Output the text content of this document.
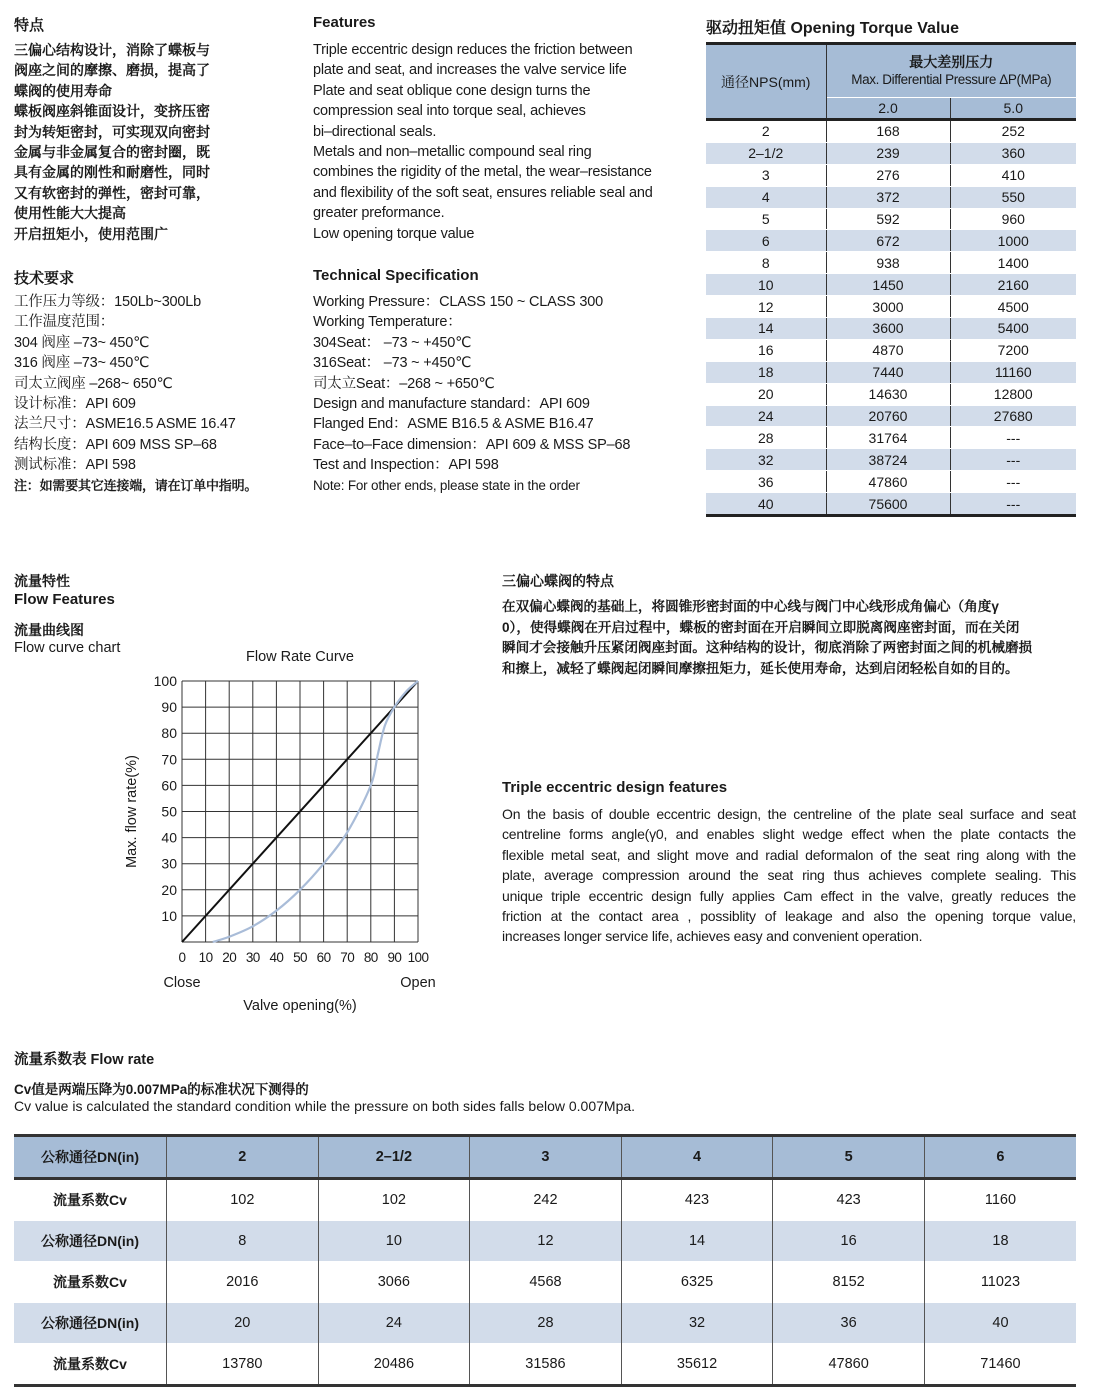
特点
三偏心结构设计，消除了蝶板与
阀座之间的摩擦、磨损，提高了
蝶阀的使用寿命
蝶板阀座斜锥面设计，变挤压密
封为转矩密封，可实现双向密封
金属与非金属复合的密封圈，既
具有金属的刚性和耐磨性，同时
又有软密封的弹性，密封可靠，
使用性能大大提高
开启扭矩小，使用范围广
Features
Triple eccentric design reduces the friction between
plate and seat, and increases the valve service life
Plate and seat oblique cone design turns the
compression seal into torque seal, achieves
bi–directional seals.
Metals and non–metallic compound seal ring
combines the rigidity of the metal, the wear–resistance
and flexibility of the soft seat, ensures reliable seal and
greater preformance.
Low opening torque value
技术要求
工作压力等级：150Lb~300Lb
工作温度范围：
304 阀座 –73~ 450℃
316 阀座 –73~ 450℃
司太立阀座 –268~ 650℃
设计标准：API 609
法兰尺寸：ASME16.5 ASME 16.47
结构长度：API 609 MSS SP–68
测试标准：API 598
注：如需要其它连接端，请在订单中指明。
Technical Specification
Working Pressure：CLASS 150 ~ CLASS 300
Working Temperature：
304Seat： –73 ~ +450℃
316Seat： –73 ~ +450℃
司太立Seat：–268 ~ +650℃
Design and manufacture standard：API 609
Flanged End：ASME B16.5 & ASME B16.47
Face–to–Face dimension：API 609 & MSS SP–68
Test and Inspection：API 598
Note: For other ends, please state in the order
驱动扭矩值 Opening Torque Value
通径NPS(mm)	最大差别压力
Max. Differential Pressure ΔP(MPa)	

	2.0	5.0
2	168	252
2–1/2	239	360
3	276	410
4	372	550
5	592	960
6	672	1000
8	938	1400
10	1450	2160
12	3000	4500
14	3600	5400
16	4870	7200
18	7440	11160
20	14630	12800
24	20760	27680
28	31764	---
32	38724	---
36	47860	---
40	75600	---
流量特性
Flow Features
流量曲线图
Flow curve chart
Flow Rate Curve
10
20
30
40
50
60
70
80
90
100
0 10 20 30 40 50 60 70 80 90 100
Max. flow rate(%)
Close	Open
Valve opening(%)
三偏心蝶阀的特点
在双偏心蝶阀的基础上，将圆锥形密封面的中心线与阀门中心线形成角偏心（角度γ
0），使得蝶阀在开启过程中，蝶板的密封面在开启瞬间立即脱离阀座密封面，而在关闭
瞬间才会接触升压紧闭阀座封面。这种结构的设计，彻底消除了两密封面之间的机械磨损
和擦上，减轻了蝶阀起闭瞬间摩擦扭矩力，延长使用寿命，达到启闭轻松自如的目的。
Triple eccentric design features
On the basis of double eccentric design, the centreline of the plate seal surface and seat
centreline forms angle(γ0, and enables slight wedge effect when the plate contacts the
flexible metal seat, and slight move and radial deformalon of the seat ring along with the
plate, average compression around the seat ring thus achieves complete sealing. This
unique triple eccentric design fully applies Cam effect in the valve, greatly reduces the
friction at the contact area , possiblity of leakage and also the opening torque value,
increases longer service life, achieves easy and convenient operation.
流量系数表 Flow rate
Cv值是两端压降为0.007MPa的标准状况下测得的
Cv value is calculated the standard condition while the pressure on both sides falls below 0.007Mpa.
公称通径DN(in)	2	2–1/2	3	4	5	6
流量系数Cv	102	102	242	423	423	1160
公称通径DN(in)	8	10	12	14	16	18
流量系数Cv	2016	3066	4568	6325	8152	11023
公称通径DN(in)	20	24	28	32	36	40
流量系数Cv	13780	20486	31586	35612	47860	71460
